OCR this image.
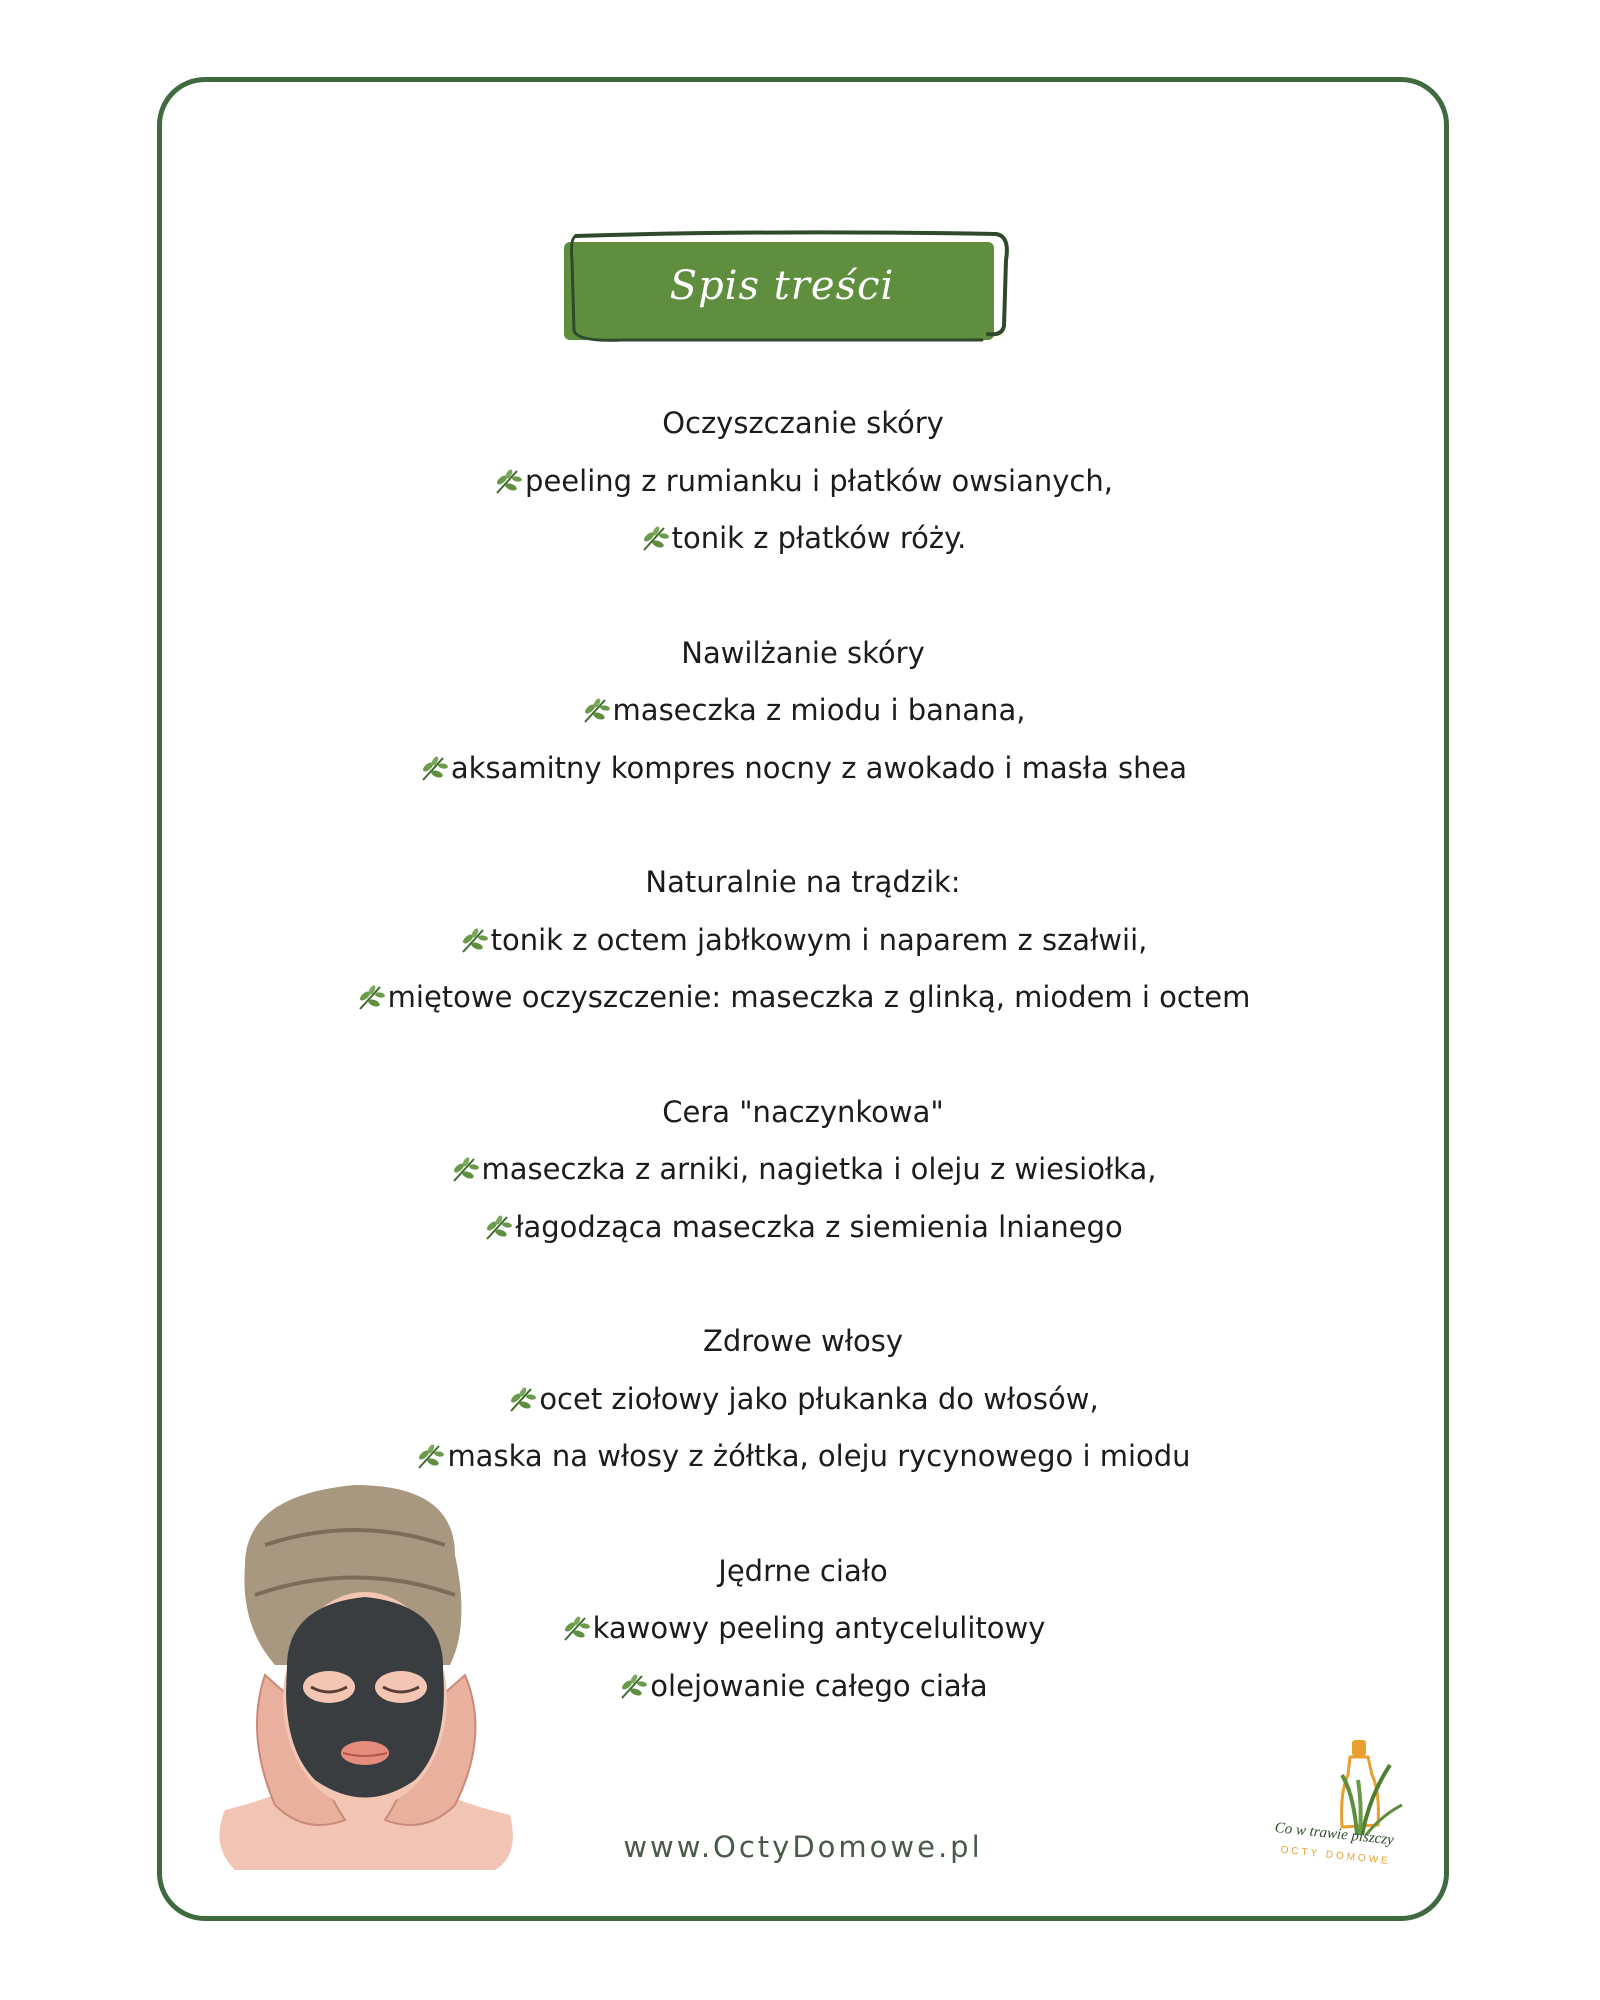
Spis treści
Oczyszczanie skóry
peeling z rumianku i płatków owsianych,
tonik z płatków róży.
Nawilżanie skóry
maseczka z miodu i banana,
aksamitny kompres nocny z awokado i masła shea
Naturalnie na trądzik:
tonik z octem jabłkowym i naparem z szałwii,
miętowe oczyszczenie: maseczka z glinką, miodem i octem
Cera "naczynkowa"
maseczka z arniki, nagietka i oleju z wiesiołka,
łagodząca maseczka z siemienia lnianego
Zdrowe włosy
ocet ziołowy jako płukanka do włosów,
maska na włosy z żółtka, oleju rycynowego i miodu
Jędrne ciało
kawowy peeling antycelulitowy
olejowanie całego ciała
Co w trawie piszczy
OCTY DOMOWE
www.OctyDomowe.pl
